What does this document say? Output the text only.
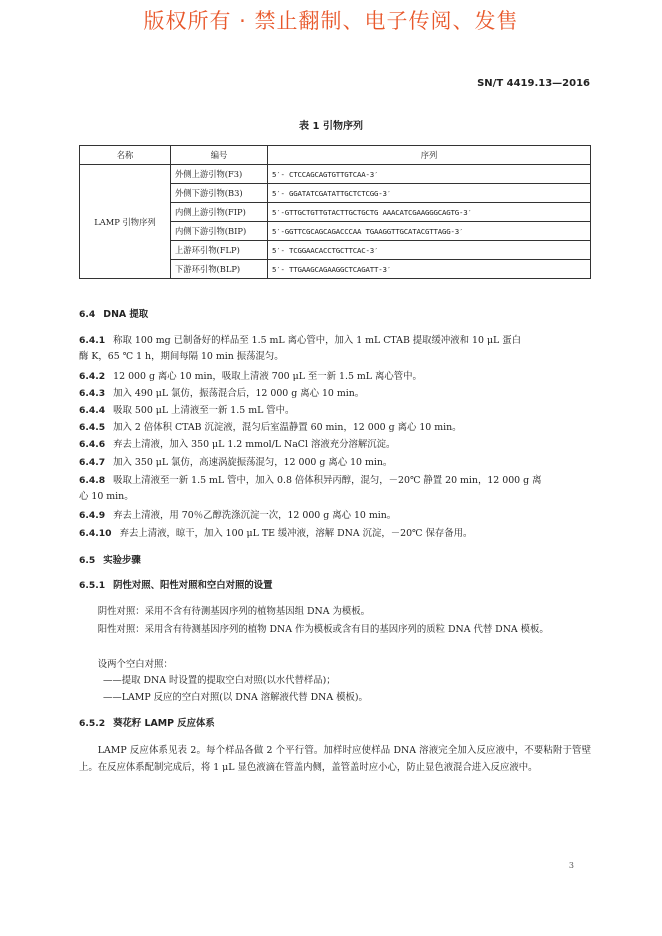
版权所有 · 禁止翻制、电子传阅、发售
SN/T 4419.13—2016
表 1 引物序列
名称	编号	序列
LAMP 引物序列	外侧上游引物(F3)	5′- CTCCAGCAGTGTTGTCAA-3′
	外侧下游引物(B3)	5′- GGATATCGATATTGCTCTCGG-3′
	内侧上游引物(FIP)	5′-GTTGCTGTTGTACTTGCTGCTG AAACATCGAAGGGCAGTG-3′
	内侧下游引物(BIP)	5′-GGTTCGCAGCAGACCCAA TGAAGGTTGCATACGTTAGG-3′
	上游环引物(FLP)	5′- TCGGAACACCTGCTTCAC-3′
	下游环引物(BLP)	5′- TTGAAGCAGAAGGCTCAGATT-3′
6.4 DNA 提取
6.4.1 称取 100 mg 已制备好的样品至 1.5 mL 离心管中，加入 1 mL CTAB 提取缓冲液和 10 μL 蛋白
酶 K，65 ℃ 1 h，期间每隔 10 min 振荡混匀。
6.4.2 12 000 g 离心 10 min，吸取上清液 700 μL 至一新 1.5 mL 离心管中。
6.4.3 加入 490 μL 氯仿，振荡混合后，12 000 g 离心 10 min。
6.4.4 吸取 500 μL 上清液至一新 1.5 mL 管中。
6.4.5 加入 2 倍体积 CTAB 沉淀液，混匀后室温静置 60 min，12 000 g 离心 10 min。
6.4.6 弃去上清液，加入 350 μL 1.2 mmol/L NaCl 溶液充分溶解沉淀。
6.4.7 加入 350 μL 氯仿，高速涡旋振荡混匀，12 000 g 离心 10 min。
6.4.8 吸取上清液至一新 1.5 mL 管中，加入 0.8 倍体积异丙醇，混匀，－20℃ 静置 20 min，12 000 g 离
心 10 min。
6.4.9 弃去上清液，用 70％乙醇洗涤沉淀一次，12 000 g 离心 10 min。
6.4.10 弃去上清液，晾干，加入 100 μL TE 缓冲液，溶解 DNA 沉淀，－20℃ 保存备用。
6.5 实验步骤
6.5.1 阴性对照、阳性对照和空白对照的设置
阴性对照：采用不含有待测基因序列的植物基因组 DNA 为模板。
阳性对照：采用含有待测基因序列的植物 DNA 作为模板或含有目的基因序列的质粒 DNA 代替 DNA 模板。
设两个空白对照：
——提取 DNA 时设置的提取空白对照(以水代替样品)；
——LAMP 反应的空白对照(以 DNA 溶解液代替 DNA 模板)。
6.5.2 葵花籽 LAMP 反应体系
LAMP 反应体系见表 2。每个样品各做 2 个平行管。加样时应使样品 DNA 溶液完全加入反应液中，不要粘附于管壁上。在反应体系配制完成后，将 1 μL 显色液滴在管盖内侧，盖管盖时应小心，防止显色液混合进入反应液中。
3
